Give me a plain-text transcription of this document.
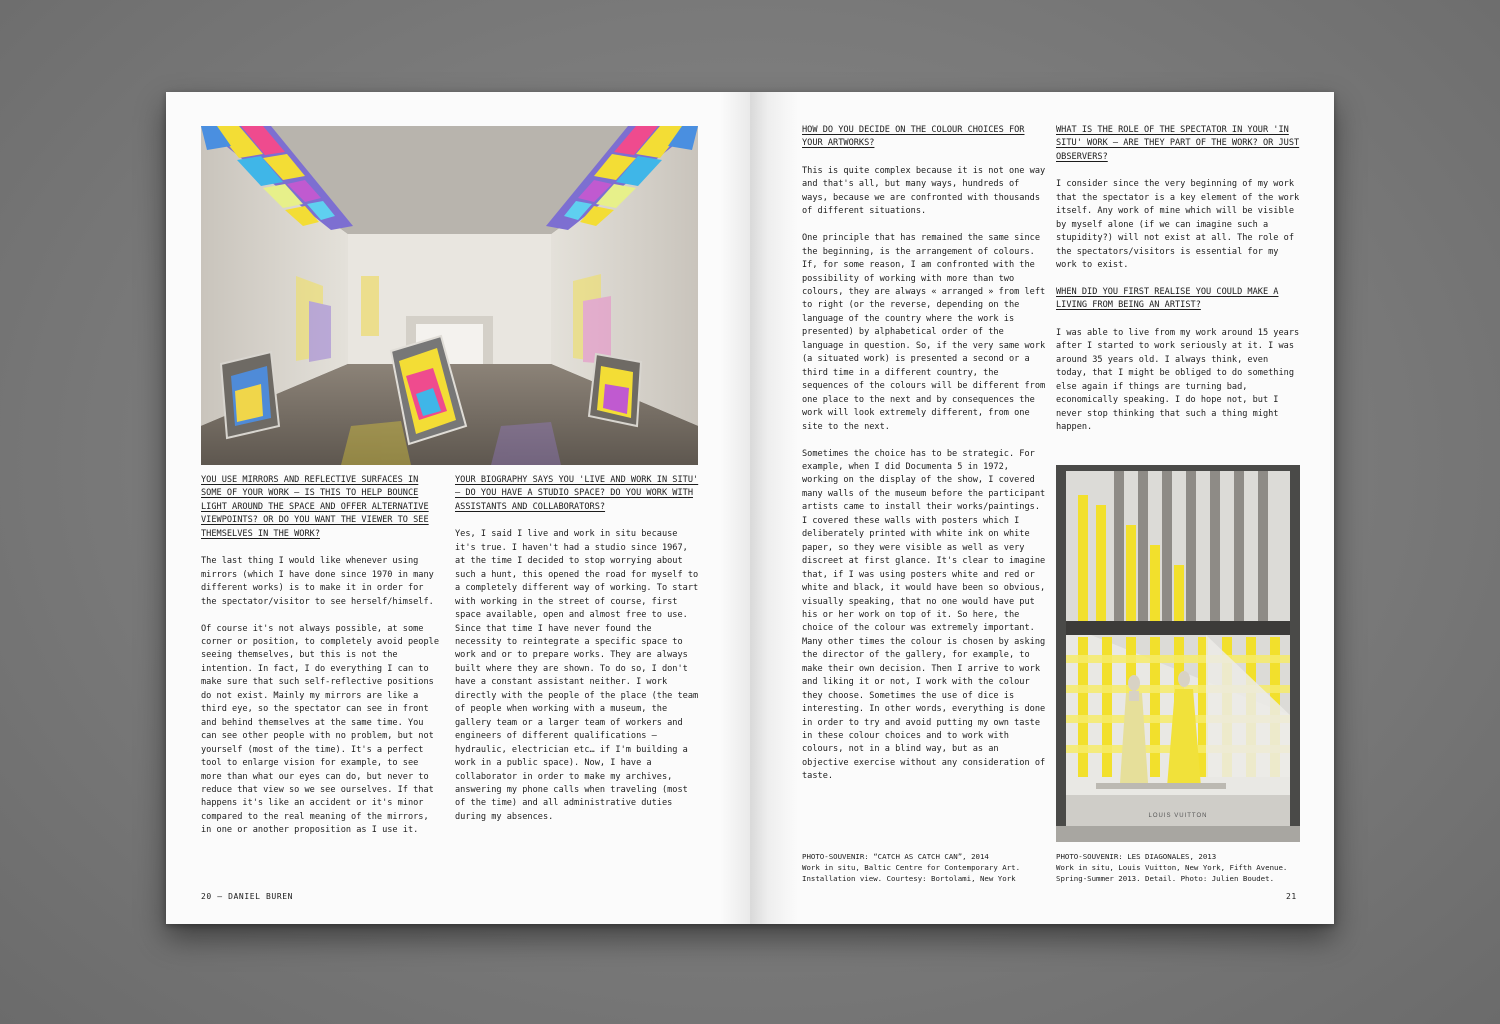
YOU USE MIRRORS AND REFLECTIVE SURFACES IN SOME OF YOUR WORK – IS THIS TO HELP BOUNCE LIGHT AROUND THE SPACE AND OFFER ALTERNATIVE VIEWPOINTS? OR DO YOU WANT THE VIEWER TO SEE THEMSELVES IN THE WORK?
The last thing I would like whenever using mirrors (which I have done since 1970 in many different works) is to make it in order for the spectator/visitor to see herself/himself.
Of course it's not always possible, at some corner or position, to completely avoid people seeing themselves, but this is not the intention. In fact, I do everything I can to make sure that such self-reflective positions do not exist. Mainly my mirrors are like a third eye, so the spectator can see in front and behind themselves at the same time. You can see other people with no problem, but not yourself (most of the time). It's a perfect tool to enlarge vision for example, to see more than what our eyes can do, but never to reduce that view so we see ourselves. If that happens it's like an accident or it's minor compared to the real meaning of the mirrors, in one or another proposition as I use it.
YOUR BIOGRAPHY SAYS YOU 'LIVE AND WORK IN SITU' – DO YOU HAVE A STUDIO SPACE? DO YOU WORK WITH ASSISTANTS AND COLLABORATORS?
Yes, I said I live and work in situ because it's true. I haven't had a studio since 1967, at the time I decided to stop worrying about such a hunt, this opened the road for myself to a completely different way of working. To start with working in the street of course, first space available, open and almost free to use. Since that time I have never found the necessity to reintegrate a specific space to work and or to prepare works. They are always built where they are shown. To do so, I don't have a constant assistant neither. I work directly with the people of the place (the team of people when working with a museum, the gallery team or a larger team of workers and engineers of different qualifications –hydraulic, electrician etc… if I'm building a work in a public space). Now, I have a collaborator in order to make my archives, answering my phone calls when traveling (most of the time) and all administrative duties during my absences.
20 – DANIEL BUREN
HOW DO YOU DECIDE ON THE COLOUR CHOICES FOR YOUR ARTWORKS?
This is quite complex because it is not one way and that's all, but many ways, hundreds of ways, because we are confronted with thousands of different situations.
One principle that has remained the same since the beginning, is the arrangement of colours. If, for some reason, I am confronted with the possibility of working with more than two colours, they are always « arranged » from left to right (or the reverse, depending on the language of the country where the work is presented) by alphabetical order of the language in question. So, if the very same work (a situated work) is presented a second or a third time in a different country, the sequences of the colours will be different from one place to the next and by consequences the work will look extremely different, from one site to the next.
Sometimes the choice has to be strategic. For example, when I did Documenta 5 in 1972, working on the display of the show, I covered many walls of the museum before the participant artists came to install their works/paintings. I covered these walls with posters which I deliberately printed with white ink on white paper, so they were visible as well as very discreet at first glance. It's clear to imagine that, if I was using posters white and red or white and black, it would have been so obvious, visually speaking, that no one would have put his or her work on top of it. So here, the choice of the colour was extremely important. Many other times the colour is chosen by asking the director of the gallery, for example, to make their own decision. Then I arrive to work and liking it or not, I work with the colour they choose. Sometimes the use of dice is interesting. In other words, everything is done in order to try and avoid putting my own taste in these colour choices and to work with colours, not in a blind way, but as an objective exercise without any consideration of taste.
PHOTO-SOUVENIR: “CATCH AS CATCH CAN”, 2014
Work in situ, Baltic Centre for Contemporary Art.
Installation view. Courtesy: Bortolami, New York
WHAT IS THE ROLE OF THE SPECTATOR IN YOUR 'IN SITU' WORK – ARE THEY PART OF THE WORK? OR JUST OBSERVERS?
I consider since the very beginning of my work that the spectator is a key element of the work itself. Any work of mine which will be visible by myself alone (if we can imagine such a stupidity?) will not exist at all. The role of the spectators/visitors is essential for my work to exist.
WHEN DID YOU FIRST REALISE YOU COULD MAKE A LIVING FROM BEING AN ARTIST?
I was able to live from my work around 15 years after I started to work seriously at it. I was around 35 years old. I always think, even today, that I might be obliged to do something else again if things are turning bad, economically speaking. I do hope not, but I never stop thinking that such a thing might happen.
LOUIS VUITTON
PHOTO-SOUVENIR: LES DIAGONALES, 2013
Work in situ, Louis Vuitton, New York, Fifth Avenue.
Spring-Summer 2013. Detail. Photo: Julien Boudet.
21
